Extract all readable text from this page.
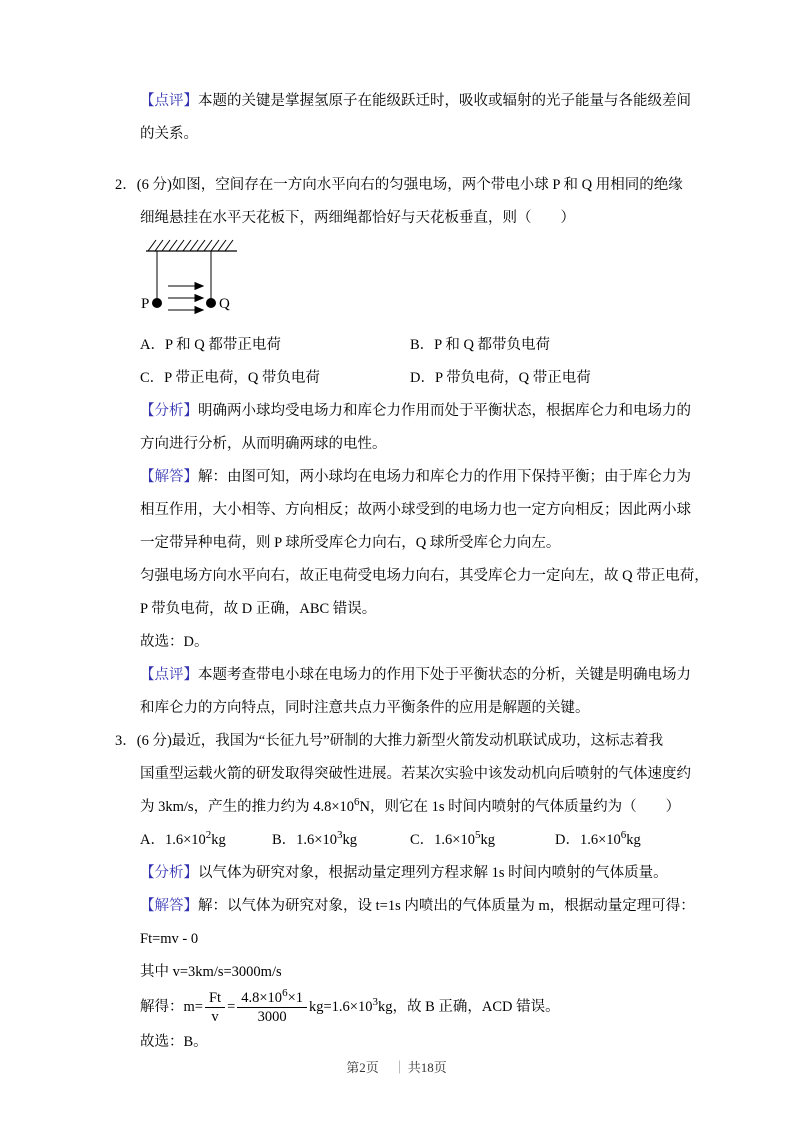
【点评】本题的关键是掌握氢原子在能级跃迁时，吸收或辐射的光子能量与各能级差间
的关系。
2．(6 分)如图，空间存在一方向水平向右的匀强电场，两个带电小球 P 和 Q 用相同的绝缘
细绳悬挂在水平天花板下，两细绳都恰好与天花板垂直，则（　　）
P	Q
A．P 和 Q 都带正电荷	B．P 和 Q 都带负电荷
C．P 带正电荷，Q 带负电荷	D．P 带负电荷，Q 带正电荷
【分析】明确两小球均受电场力和库仑力作用而处于平衡状态，根据库仑力和电场力的
方向进行分析，从而明确两球的电性。
【解答】解：由图可知，两小球均在电场力和库仑力的作用下保持平衡；由于库仑力为
相互作用，大小相等、方向相反；故两小球受到的电场力也一定方向相反；因此两小球
一定带异种电荷，则 P 球所受库仑力向右，Q 球所受库仑力向左。
匀强电场方向水平向右，故正电荷受电场力向右，其受库仑力一定向左，故 Q 带正电荷，
P 带负电荷，故 D 正确，ABC 错误。
故选：D。
【点评】本题考查带电小球在电场力的作用下处于平衡状态的分析，关键是明确电场力
和库仑力的方向特点，同时注意共点力平衡条件的应用是解题的关键。
3．(6 分)最近，我国为“长征九号”研制的大推力新型火箭发动机联试成功，这标志着我
国重型运载火箭的研发取得突破性进展。若某次实验中该发动机向后喷射的气体速度约
为 3km/s，产生的推力约为 $4.8\times 10^6N$，则它在 1s 时间内喷射的气体质量约为（　　）
A．$1.6\times 10^2kg$	B．$1.6\times 10^3kg$	C．$1.6\times 10^5kg$	D．$1.6\times 10^6kg$
【分析】以气体为研究对象，根据动量定理列方程求解 1s 时间内喷射的气体质量。
【解答】解：以气体为研究对象，设 t=1s 内喷出的气体质量为 m，根据动量定理可得：
Ft=mv - 0
其中 v=3km/s=3000m/s
解得：$m= \frac{Ft}{v} = \frac{4.8\times 10^6\times 1}{3000} kg=1.6\times 10^3kg$，故 B 正确，ACD 错误。
故选：B。
第2页 ｜ 共18页
